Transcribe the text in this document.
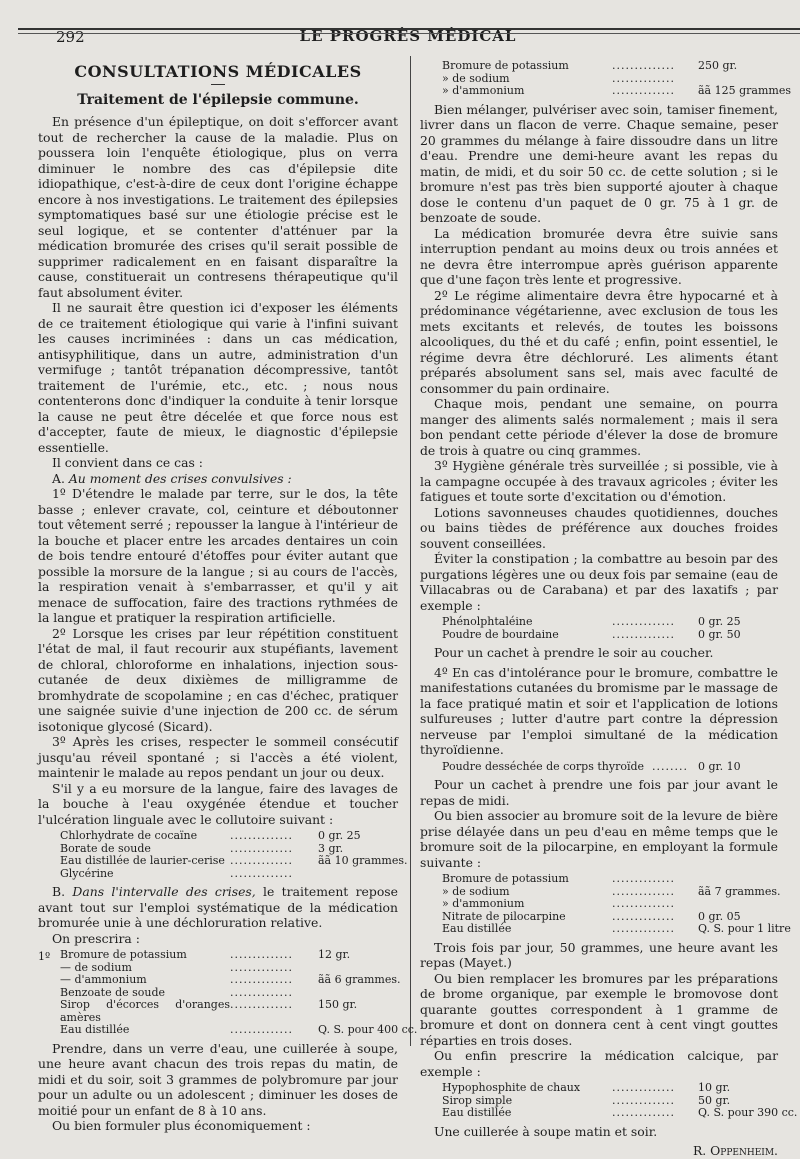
292	LE PROGRÈS MÉDICAL
CONSULTATIONS MÉDICALES
Traitement de l'épilepsie commune.

En présence d'un épileptique, on doit s'efforcer avant tout de rechercher la cause de la maladie. Plus on poussera loin l'enquête étiologique, plus on verra diminuer le nombre des cas d'épilepsie dite idiopathique, c'est-à-dire de ceux dont l'origine échappe encore à nos investigations. Le traitement des épilepsies symptomatiques basé sur une étiologie précise est le seul logique, et se contenter d'atténuer par la médication bromurée des crises qu'il serait possible de supprimer radicalement en en faisant disparaître la cause, constituerait un contresens thérapeutique qu'il faut absolument éviter.

Il ne saurait être question ici d'exposer les éléments de ce traitement étiologique qui varie à l'infini suivant les causes incriminées : dans un cas médication, antisyphilitique, dans un autre, administration d'un vermifuge ; tantôt trépanation décompressive, tantôt traitement de l'urémie, etc., etc. ; nous nous contenterons donc d'indiquer la conduite à tenir lorsque la cause ne peut être décelée et que force nous est d'accepter, faute de mieux, le diagnostic d'épilepsie essentielle.

Il convient dans ce cas :

A. Au moment des crises convulsives :

1º D'étendre le malade par terre, sur le dos, la tête basse ; enlever cravate, col, ceinture et déboutonner tout vêtement serré ; repousser la langue à l'intérieur de la bouche et placer entre les arcades dentaires un coin de bois tendre entouré d'étoffes pour éviter autant que possible la morsure de la langue ; si au cours de l'accès, la respiration venait à s'embarrasser, et qu'il y ait menace de suffocation, faire des tractions rythmées de la langue et pratiquer la respiration artificielle.

2º Lorsque les crises par leur répétition constituent l'état de mal, il faut recourir aux stupéfiants, lavement de chloral, chloroforme en inhalations, injection sous-cutanée de deux dixièmes de milligramme de bromhydrate de scopolamine ; en cas d'échec, pratiquer une saignée suivie d'une injection de 200 cc. de sérum isotonique glycosé (Sicard).

3º Après les crises, respecter le sommeil consécutif jusqu'au réveil spontané ; si l'accès a été violent, maintenir le malade au repos pendant un jour ou deux.

S'il y a eu morsure de la langue, faire des lavages de la bouche à l'eau oxygénée étendue et toucher l'ulcération linguale avec le collutoire suivant :

Chlorhydrate de cocaïne	..............	0 gr. 25
Borate de soude	..............	3 gr.
Eau distillée de laurier-cerise ..............	ãã 10 grammes.
Glycérine	..............

B. Dans l'intervalle des crises, le traitement repose avant tout sur l'emploi systématique de la médication bromurée unie à une déchloruration relative.

On prescrira :

1º Bromure de potassium	..............	12 gr.
— de sodium	..............
— d'ammonium	..............	ãã 6 grammes.
Benzoate de soude	..............
Sirop d'écorces d'oranges amères
..............	150 gr.
Eau distillée	..............	Q. S. pour 400 cc.

Prendre, dans un verre d'eau, une cuillerée à soupe, une heure avant chacun des trois repas du matin, de midi et du soir, soit 3 grammes de polybromure par jour pour un adulte ou un adolescent ; diminuer les doses de moitié pour un enfant de 8 à 10 ans.

Ou bien formuler plus économiquement :

Bromure de potassium	..............	250 gr.
» de sodium	..............
» d'ammonium	..............	ãã 125 grammes

Bien mélanger, pulvériser avec soin, tamiser finement, livrer dans un flacon de verre. Chaque semaine, peser 20 grammes du mélange à faire dissoudre dans un litre d'eau. Prendre une demi-heure avant les repas du matin, de midi, et du soir 50 cc. de cette solution ; si le bromure n'est pas très bien supporté ajouter à chaque dose le contenu d'un paquet de 0 gr. 75 à 1 gr. de benzoate de soude.

La médication bromurée devra être suivie sans interruption pendant au moins deux ou trois années et ne devra être interrompue après guérison apparente que d'une façon très lente et progressive.

2º Le régime alimentaire devra être hypocarné et à prédominance végétarienne, avec exclusion de tous les mets excitants et relevés, de toutes les boissons alcooliques, du thé et du café ; enfin, point essentiel, le régime devra être déchloruré. Les aliments étant préparés absolument sans sel, mais avec faculté de consommer du pain ordinaire.

Chaque mois, pendant une semaine, on pourra manger des aliments salés normalement ; mais il sera bon pendant cette période d'élever la dose de bromure de trois à quatre ou cinq grammes.

3º Hygiène générale très surveillée ; si possible, vie à la campagne occupée à des travaux agricoles ; éviter les fatigues et toute sorte d'excitation ou d'émotion.

Lotions savonneuses chaudes quotidiennes, douches ou bains tièdes de préférence aux douches froides souvent conseillées.

Éviter la constipation ; la combattre au besoin par des purgations légères une ou deux fois par semaine (eau de Villacabras ou de Carabana) et par des laxatifs ; par exemple :

Phénolphtaléine	..............	0 gr. 25
Poudre de bourdaine	..............	0 gr. 50

Pour un cachet à prendre le soir au coucher.

4º En cas d'intolérance pour le bromure, combattre le manifestations cutanées du bromisme par le massage de la face pratiqué matin et soir et l'application de lotions sulfureuses ; lutter d'autre part contre la dépression nerveuse par l'emploi simultané de la médication thyroïdienne.

Poudre desséchée de corps thyroïde ........ 0 gr. 10

Pour un cachet à prendre une fois par jour avant le repas de midi.

Ou bien associer au bromure soit de la levure de bière prise délayée dans un peu d'eau en même temps que le bromure soit de la pilocarpine, en employant la formule suivante :

Bromure de potassium	..............
» de sodium	..............	ãã 7 grammes.
» d'ammonium	..............
Nitrate de pilocarpine	..............	0 gr. 05
Eau distillée	..............	Q. S. pour 1 litre

Trois fois par jour, 50 grammes, une heure avant les repas (Mayet.)

Ou bien remplacer les bromures par les préparations de brome organique, par exemple le bromovose dont quarante gouttes correspondent à 1 gramme de bromure et dont on donnera cent à cent vingt gouttes réparties en trois doses.

Ou enfin prescrire la médication calcique, par exemple :

Hypophosphite de chaux	..............	10 gr.
Sirop simple	..............	50 gr.
Eau distillée	..............	Q. S. pour 390 cc.

Une cuillerée à soupe matin et soir.

R. Oppenheim.
